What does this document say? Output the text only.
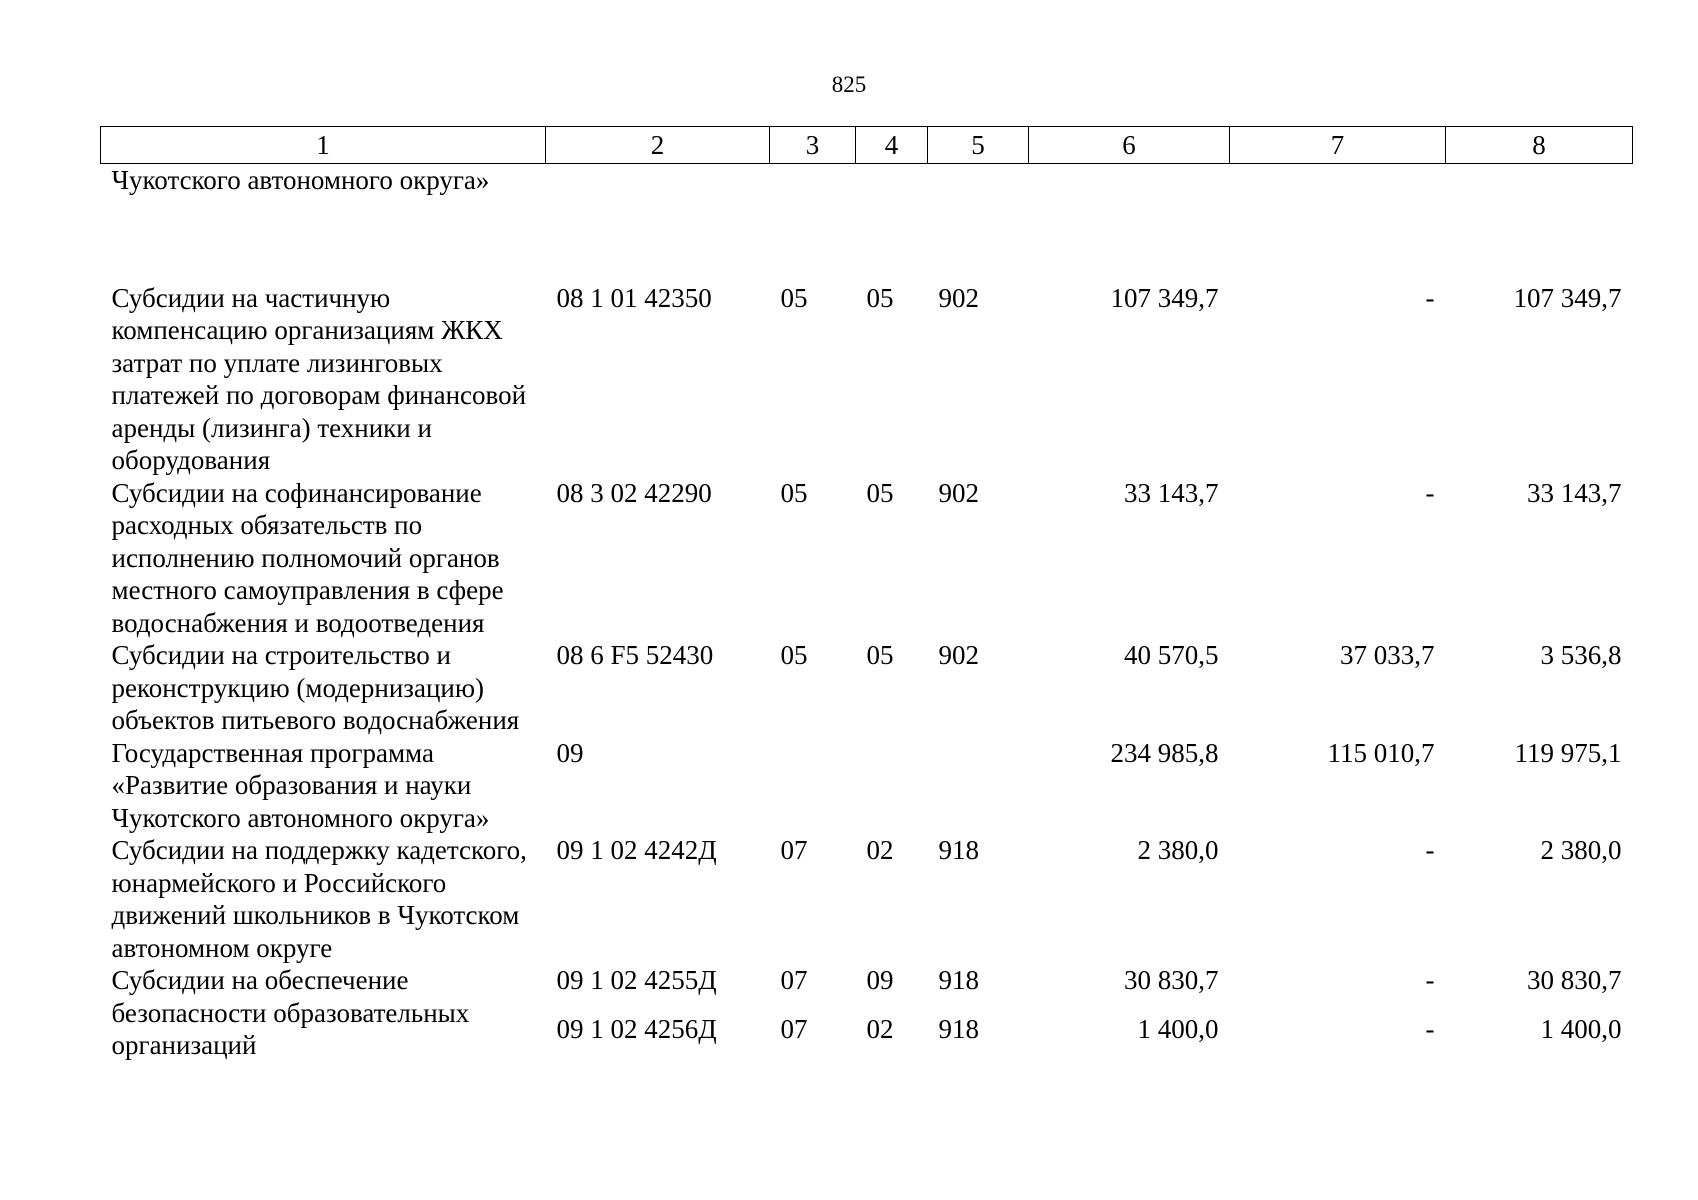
825
1	2	3	4	5	6	7	8
Чукотского автономного округа»							

Субсидии на частичную компенсацию организациям ЖКХ затрат по уплате лизинговых платежей по договорам финансовой аренды (лизинга) техники и оборудования	08 1 01 42350	05	05	902	107 349,7	-	107 349,7
Субсидии на софинансирование расходных обязательств по исполнению полномочий органов местного самоуправления в сфере водоснабжения и водоотведения	08 3 02 42290	05	05	902	33 143,7	-	33 143,7
Субсидии на строительство и реконструкцию (модернизацию) объектов питьевого водоснабжения	08 6 F5 52430	05	05	902	40 570,5	37 033,7	3 536,8
Государственная программа «Развитие образования и науки Чукотского автономного округа»	09				234 985,8	115 010,7	119 975,1
Субсидии на поддержку кадетского, юнармейского и Российского движений школьников в Чукотском автономном округе	09 1 02 4242Д	07	02	918	2 380,0	-	2 380,0
Субсидии на обеспечение безопасности образовательных организаций	09 1 02 4255Д	07	09	918	30 830,7	-	30 830,7
	09 1 02 4256Д	07	02	918	1 400,0	-	1 400,0
